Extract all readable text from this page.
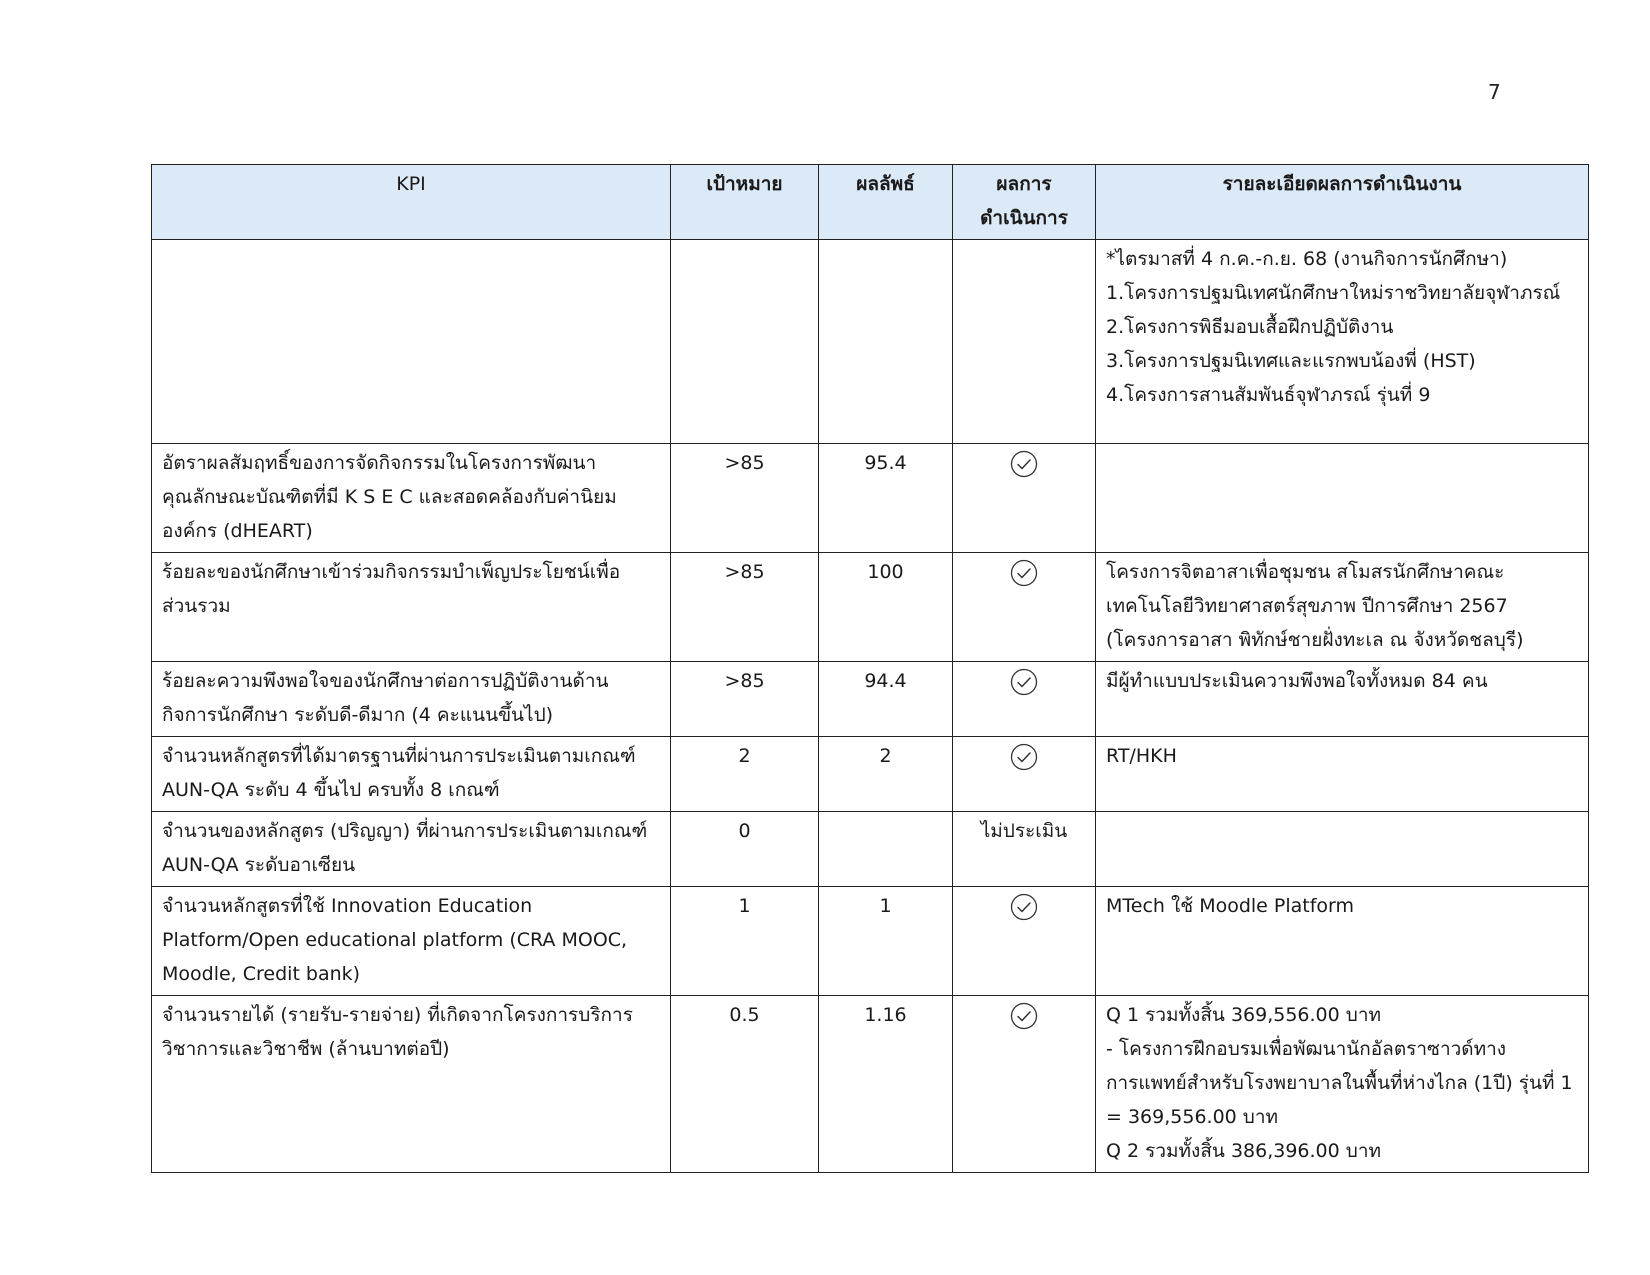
7
KPI	เป้าหมาย	ผลลัพธ์	ผลการ
ดำเนินการ	รายละเอียดผลการดำเนินงาน

				*ไตรมาสที่ 4 ก.ค.-ก.ย. 68 (งานกิจการนักศึกษา)
1.โครงการปฐมนิเทศนักศึกษาใหม่ราชวิทยาลัยจุฬาภรณ์
2.โครงการพิธีมอบเสื้อฝึกปฏิบัติงาน
3.โครงการปฐมนิเทศและแรกพบน้องพี่ (HST)
4.โครงการสานสัมพันธ์จุฬาภรณ์ รุ่นที่ 9

อัตราผลสัมฤทธิ์ของการจัดกิจกรรมในโครงการพัฒนา
คุณลักษณะบัณฑิตที่มี K S E C และสอดคล้องกับค่านิยม
องค์กร (dHEART)	>85	95.4	

ร้อยละของนักศึกษาเข้าร่วมกิจกรรมบำเพ็ญประโยชน์เพื่อ
ส่วนรวม	>85	100		โครงการจิตอาสาเพื่อชุมชน สโมสรนักศึกษาคณะ
เทคโนโลยีวิทยาศาสตร์สุขภาพ ปีการศึกษา 2567
(โครงการอาสา พิทักษ์ชายฝั่งทะเล ณ จังหวัดชลบุรี)

ร้อยละความพึงพอใจของนักศึกษาต่อการปฏิบัติงานด้าน
กิจการนักศึกษา ระดับดี-ดีมาก (4 คะแนนขึ้นไป)	>85	94.4		มีผู้ทำแบบประเมินความพึงพอใจทั้งหมด 84 คน

จำนวนหลักสูตรที่ได้มาตรฐานที่ผ่านการประเมินตามเกณฑ์
AUN-QA ระดับ 4 ขึ้นไป ครบทั้ง 8 เกณฑ์	2	2		RT/HKH

จำนวนของหลักสูตร (ปริญญา) ที่ผ่านการประเมินตามเกณฑ์
AUN-QA ระดับอาเซียน	0		ไม่ประเมิน	

จำนวนหลักสูตรที่ใช้ Innovation Education
Platform/Open educational platform (CRA MOOC,
Moodle, Credit bank)	1	1		MTech ใช้ Moodle Platform

จำนวนรายได้ (รายรับ-รายจ่าย) ที่เกิดจากโครงการบริการ
วิชาการและวิชาชีพ (ล้านบาทต่อปี)	0.5	1.16		Q 1 รวมทั้งสิ้น 369,556.00 บาท
- โครงการฝึกอบรมเพื่อพัฒนานักอัลตราซาวด์ทาง
การแพทย์สำหรับโรงพยาบาลในพื้นที่ห่างไกล (1ปี) รุ่นที่ 1
= 369,556.00 บาท
Q 2 รวมทั้งสิ้น 386,396.00 บาท
